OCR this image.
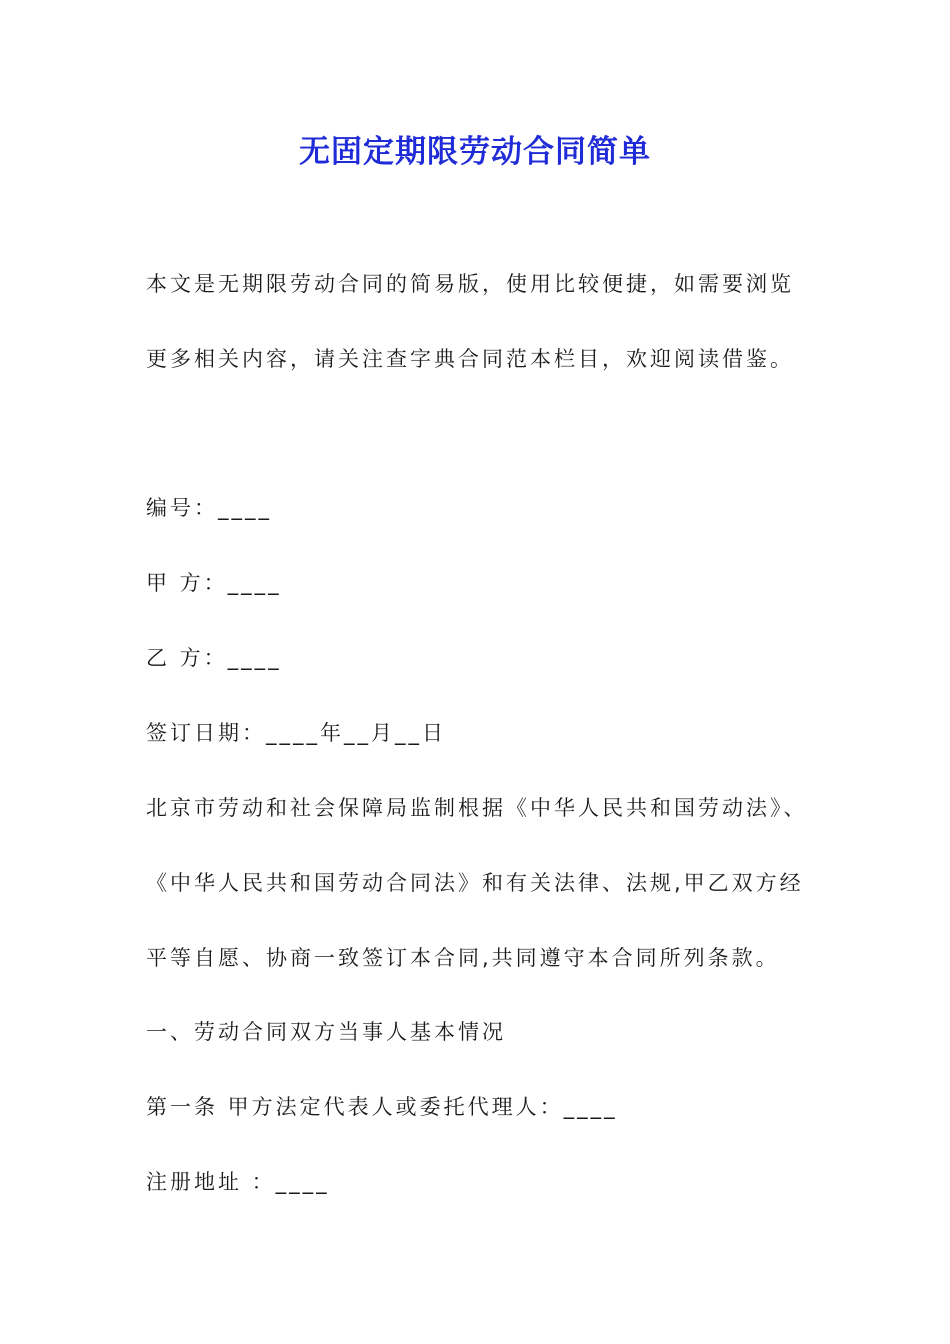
无固定期限劳动合同简单
本文是无期限劳动合同的简易版，使用比较便捷，如需要浏览
更多相关内容，请关注查字典合同范本栏目，欢迎阅读借鉴。
编号：____
甲 方：____
乙 方：____
签订日期：____年__月__日
北京市劳动和社会保障局监制根据《中华人民共和国劳动法》、
《中华人民共和国劳动合同法》和有关法律、法规,甲乙双方经
平等自愿、协商一致签订本合同,共同遵守本合同所列条款。
一、劳动合同双方当事人基本情况
第一条 甲方法定代表人或委托代理人：____
注册地址 ：____
